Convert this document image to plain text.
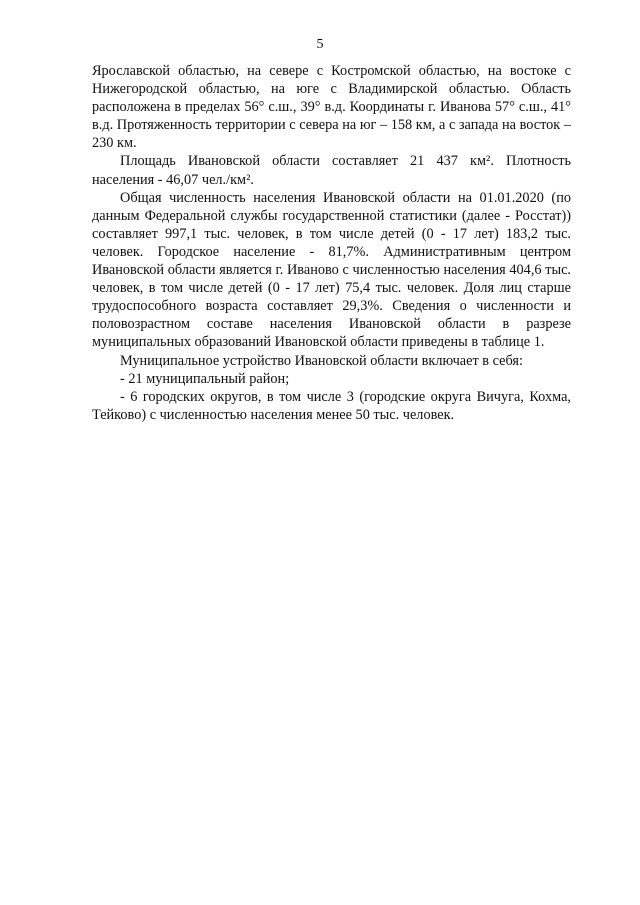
5

Ярославской областью, на севере с Костромской областью, на востоке с Нижегородской областью, на юге с Владимирской областью. Область расположена в пределах 56° с.ш., 39° в.д. Координаты г. Иванова 57° с.ш., 41° в.д. Протяженность территории с севера на юг – 158 км, а с запада на восток – 230 км.

Площадь Ивановской области составляет 21 437 км². Плотность населения - 46,07 чел./км².

Общая численность населения Ивановской области на 01.01.2020 (по данным Федеральной службы государственной статистики (далее - Росстат)) составляет 997,1 тыс. человек, в том числе детей (0 - 17 лет) 183,2 тыс. человек. Городское население - 81,7%. Административным центром Ивановской области является г. Иваново с численностью населения 404,6 тыс. человек, в том числе детей (0 - 17 лет) 75,4 тыс. человек. Доля лиц старше трудоспособного возраста составляет 29,3%. Сведения о численности и половозрастном составе населения Ивановской области в разрезе муниципальных образований Ивановской области приведены в таблице 1.

Муниципальное устройство Ивановской области включает в себя:

- 21 муниципальный район;

- 6 городских округов, в том числе 3 (городские округа Вичуга, Кохма, Тейково) с численностью населения менее 50 тыс. человек.
